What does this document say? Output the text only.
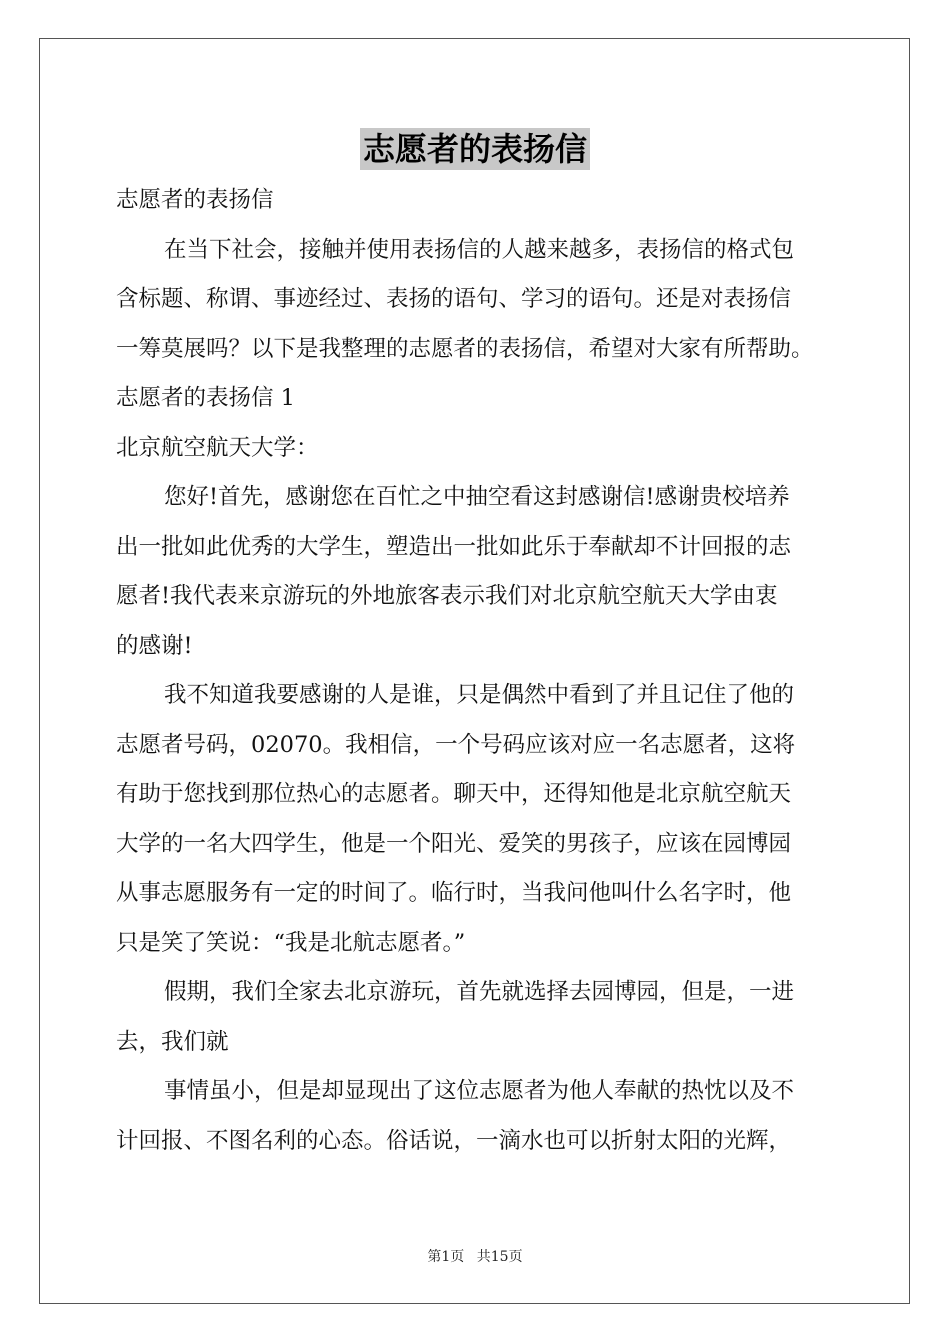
志愿者的表扬信
志愿者的表扬信
在当下社会，接触并使用表扬信的人越来越多，表扬信的格式包
含标题、称谓、事迹经过、表扬的语句、学习的语句。还是对表扬信
一筹莫展吗？以下是我整理的志愿者的表扬信，希望对大家有所帮助。
志愿者的表扬信 1
北京航空航天大学：
您好!首先，感谢您在百忙之中抽空看这封感谢信!感谢贵校培养
出一批如此优秀的大学生，塑造出一批如此乐于奉献却不计回报的志
愿者!我代表来京游玩的外地旅客表示我们对北京航空航天大学由衷
的感谢!
我不知道我要感谢的人是谁，只是偶然中看到了并且记住了他的
志愿者号码，02070。我相信，一个号码应该对应一名志愿者，这将
有助于您找到那位热心的志愿者。聊天中，还得知他是北京航空航天
大学的一名大四学生，他是一个阳光、爱笑的男孩子，应该在园博园
从事志愿服务有一定的时间了。临行时，当我问他叫什么名字时，他
只是笑了笑说：“我是北航志愿者。”
假期，我们全家去北京游玩，首先就选择去园博园，但是，一进
去，我们就
事情虽小，但是却显现出了这位志愿者为他人奉献的热忱以及不
计回报、不图名利的心态。俗话说，一滴水也可以折射太阳的光辉，
第1页 共15页
